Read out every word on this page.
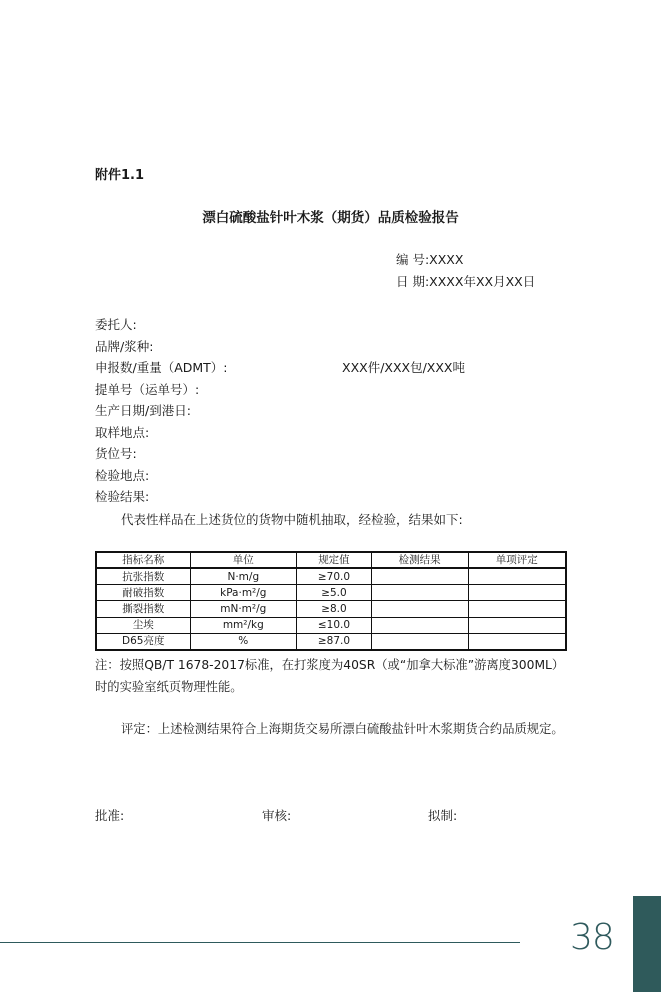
附件1.1
漂白硫酸盐针叶木浆（期货）品质检验报告
编 号:XXXX
日 期:XXXX年XX月XX日
委托人:
品牌/浆种:
申报数/重量（ADMT）:	XXX件/XXX包/XXX吨
提单号（运单号）:
生产日期/到港日:
取样地点:
货位号:
检验地点:
检验结果:
代表性样品在上述货位的货物中随机抽取，经检验，结果如下:
指标名称	单位	规定值	检测结果	单项评定
抗张指数	N·m/g	≥70.0		
耐破指数	kPa·m²/g	≥5.0		
撕裂指数	mN·m²/g	≥8.0		
尘埃	mm²/kg	≤10.0		
D65亮度	%	≥87.0		
注：按照QB/T 1678-2017标准，在打浆度为40SR（或“加拿大标准”游离度300ML）时的实验室纸页物理性能。
评定：上述检测结果符合上海期货交易所漂白硫酸盐针叶木浆期货合约品质规定。
批准:	审核:	拟制:
38
